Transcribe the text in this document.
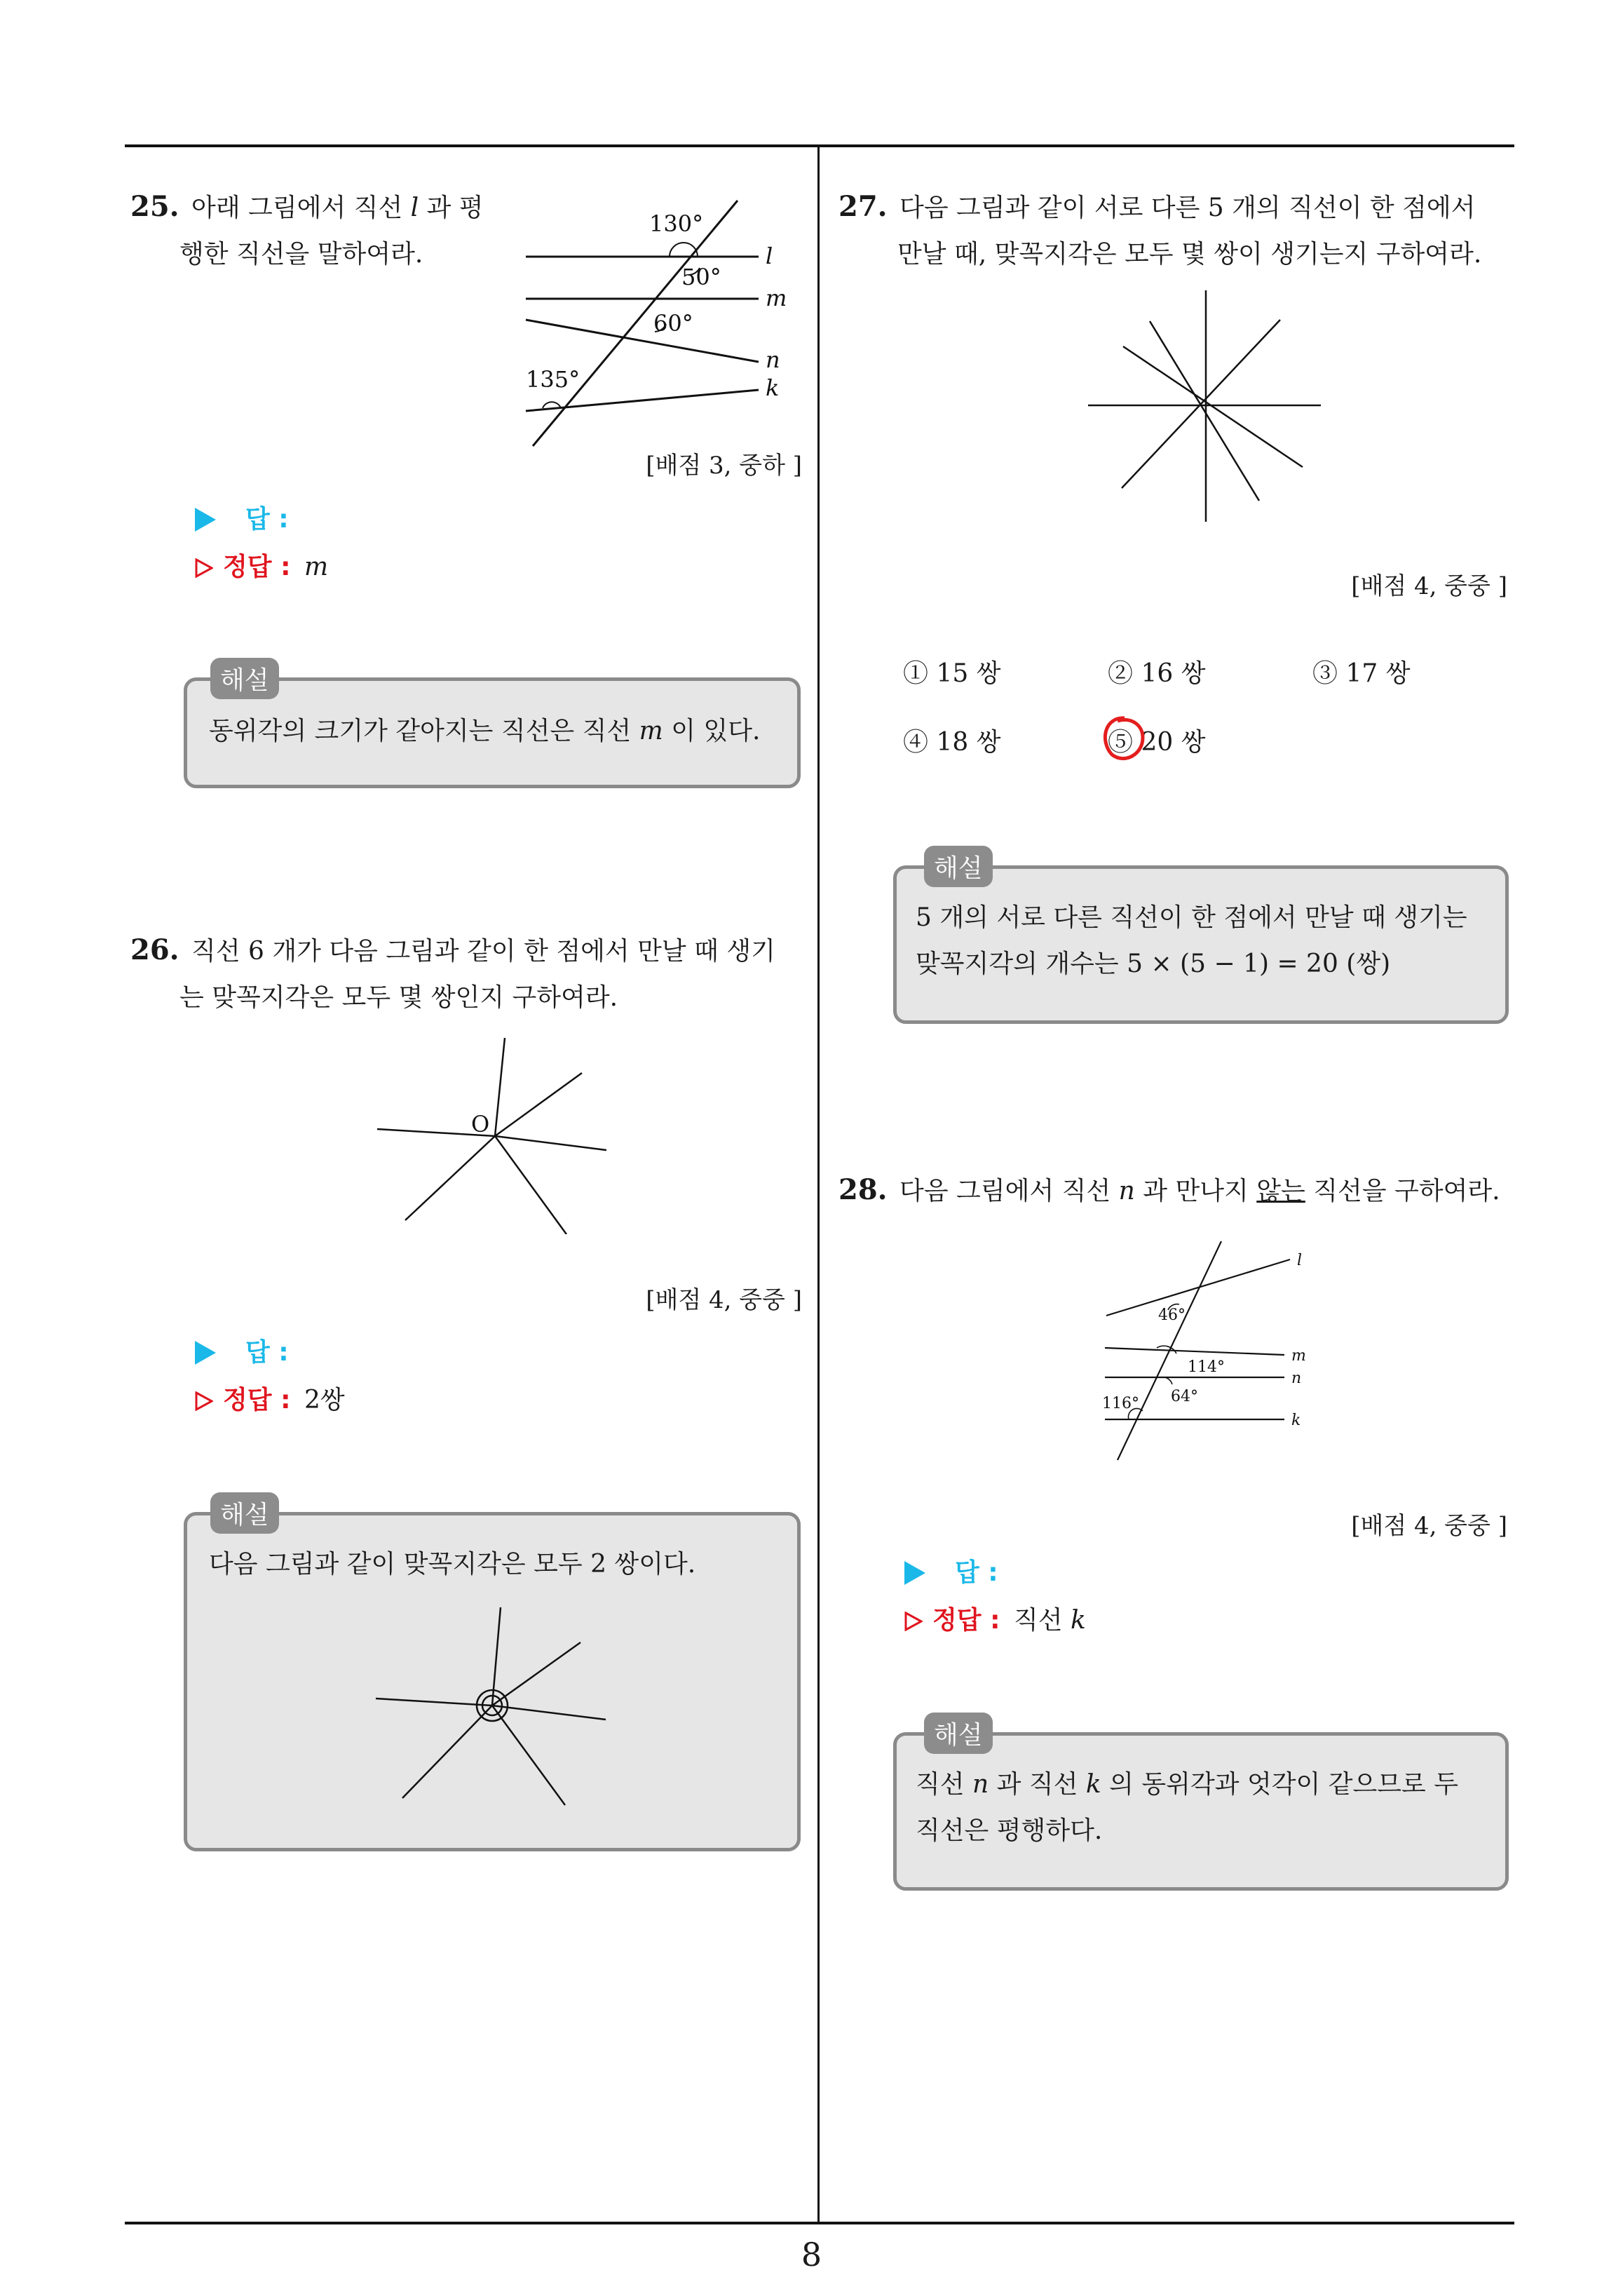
8
25. 아래 그림에서 직선 l 과 평
행한 직선을 말하여라.
130°
50°
60°
135°
l
m
n
k
[배점 3, 중하 ]
답 :
정답 : m
해설
동위각의 크기가 같아지는 직선은 직선 m 이 있다.
26. 직선 6 개가 다음 그림과 같이 한 점에서 만날 때 생기
는 맞꼭지각은 모두 몇 쌍인지 구하여라.
O
[배점 4, 중중 ]
답 :
정답 : 2쌍
해설
다음 그림과 같이 맞꼭지각은 모두 2 쌍이다.
27. 다음 그림과 같이 서로 다른 5 개의 직선이 한 점에서
만날 때, 맞꼭지각은 모두 몇 쌍이 생기는지 구하여라.
[배점 4, 중중 ]
① 15 쌍	② 16 쌍	③ 17 쌍
④ 18 쌍	⑤ 20 쌍
해설
5 개의 서로 다른 직선이 한 점에서 만날 때 생기는
맞꼭지각의 개수는 5 × (5 − 1) = 20 (쌍)
28. 다음 그림에서 직선 n 과 만나지 않는 직선을 구하여라.
46°
114°
64°
116°
l
m
n
k
[배점 4, 중중 ]
답 :
정답 : 직선 k
해설
직선 n 과 직선 k 의 동위각과 엇각이 같으므로 두
직선은 평행하다.
